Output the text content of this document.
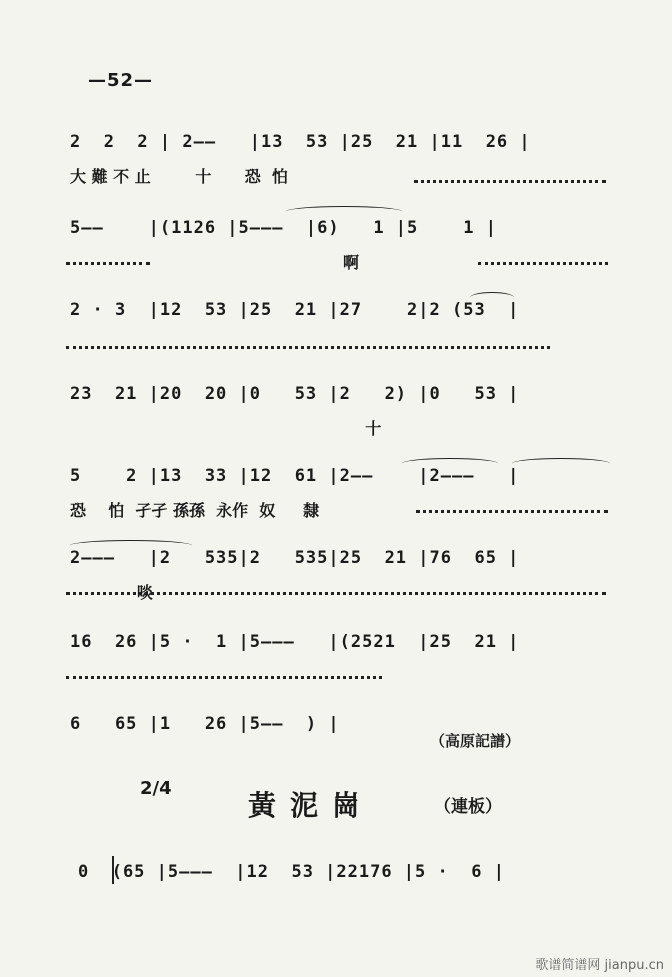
—52—
2  2  2 | 2——   |13  53 |25  21 |11  26 |
大 難 不 止        十      恐  怕
5——    |(1126 |5———  |6)   1 |5    1 |
啊
2 · 3  |12  53 |25  21 |27    2|2 (53  |
23  21 |20  20 |0   53 |2   2) |0   53 |
十
5    2 |13  33 |12  61 |2——    |2———   |
恐    怕  孑孑 孫孫  永作  奴     隸
2———   |2   535|2   535|25  21 |76  65 |
啖
16  26 |5 ·  1 |5———   |(2521  |25  21 |
6   65 |1   26 |5——  ) |
（高原記譜）
2/4
黃泥崗	（連板）
0  (65 |5———  |12  53 |22176 |5 ·  6 |
歌谱简谱网 jianpu.cn
